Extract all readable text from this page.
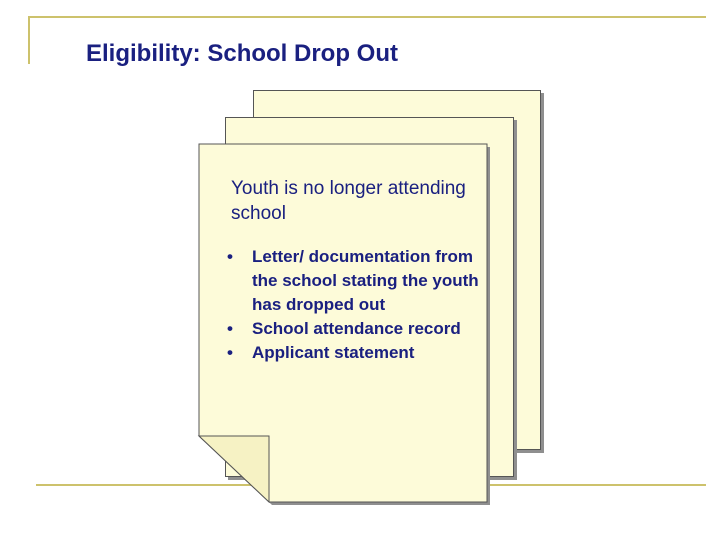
Eligibility: School Drop Out
Youth is no longer attending school
• Letter/ documentation from the school stating the youth has dropped out
• School attendance record
• Applicant statement
